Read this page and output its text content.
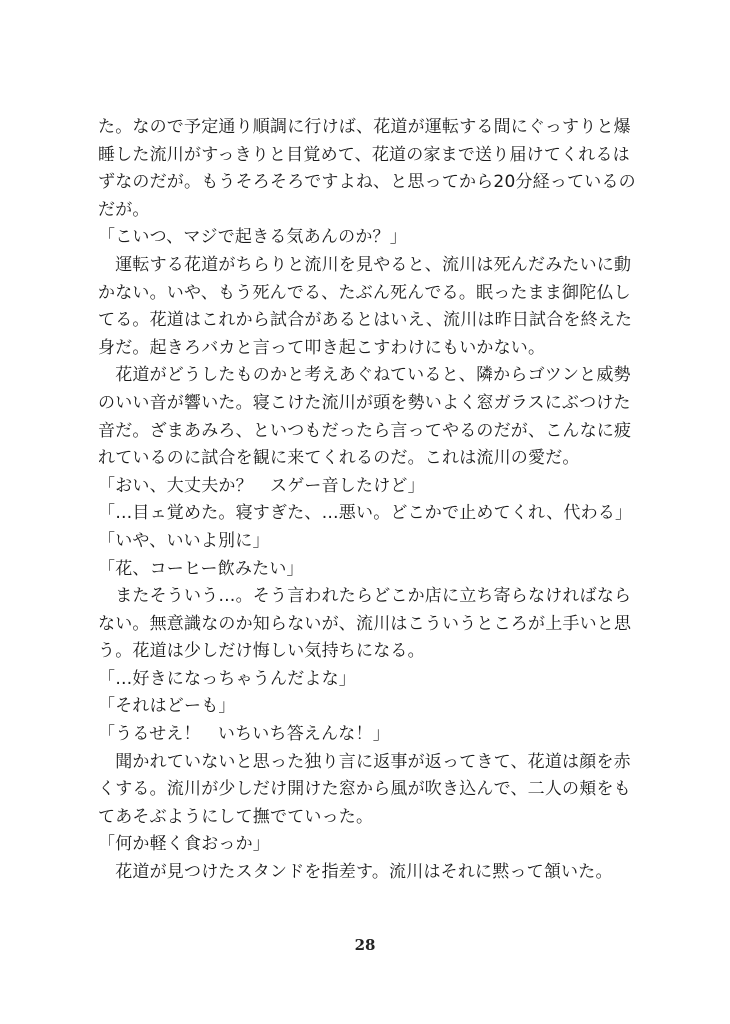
た。なので予定通り順調に行けば、花道が運転する間にぐっすりと爆
睡した流川がすっきりと目覚めて、花道の家まで送り届けてくれるは
ずなのだが。もうそろそろですよね、と思ってから20分経っているの
だが。
「こいつ、マジで起きる気あんのか？」
　運転する花道がちらりと流川を見やると、流川は死んだみたいに動
かない。いや、もう死んでる、たぶん死んでる。眠ったまま御陀仏し
てる。花道はこれから試合があるとはいえ、流川は昨日試合を終えた
身だ。起きろバカと言って叩き起こすわけにもいかない。
　花道がどうしたものかと考えあぐねていると、隣からゴツンと威勢
のいい音が響いた。寝こけた流川が頭を勢いよく窓ガラスにぶつけた
音だ。ざまあみろ、といつもだったら言ってやるのだが、こんなに疲
れているのに試合を観に来てくれるのだ。これは流川の愛だ。
「おい、大丈夫か？　スゲー音したけど」
「…目ェ覚めた。寝すぎた、…悪い。どこかで止めてくれ、代わる」
「いや、いいよ別に」
「花、コーヒー飲みたい」
　またそういう…。そう言われたらどこか店に立ち寄らなければなら
ない。無意識なのか知らないが、流川はこういうところが上手いと思
う。花道は少しだけ悔しい気持ちになる。
「…好きになっちゃうんだよな」
「それはどーも」
「うるせえ！　いちいち答えんな！」
　聞かれていないと思った独り言に返事が返ってきて、花道は顔を赤
くする。流川が少しだけ開けた窓から風が吹き込んで、二人の頬をも
てあそぶようにして撫でていった。
「何か軽く食おっか」
　花道が見つけたスタンドを指差す。流川はそれに黙って頷いた。
28
